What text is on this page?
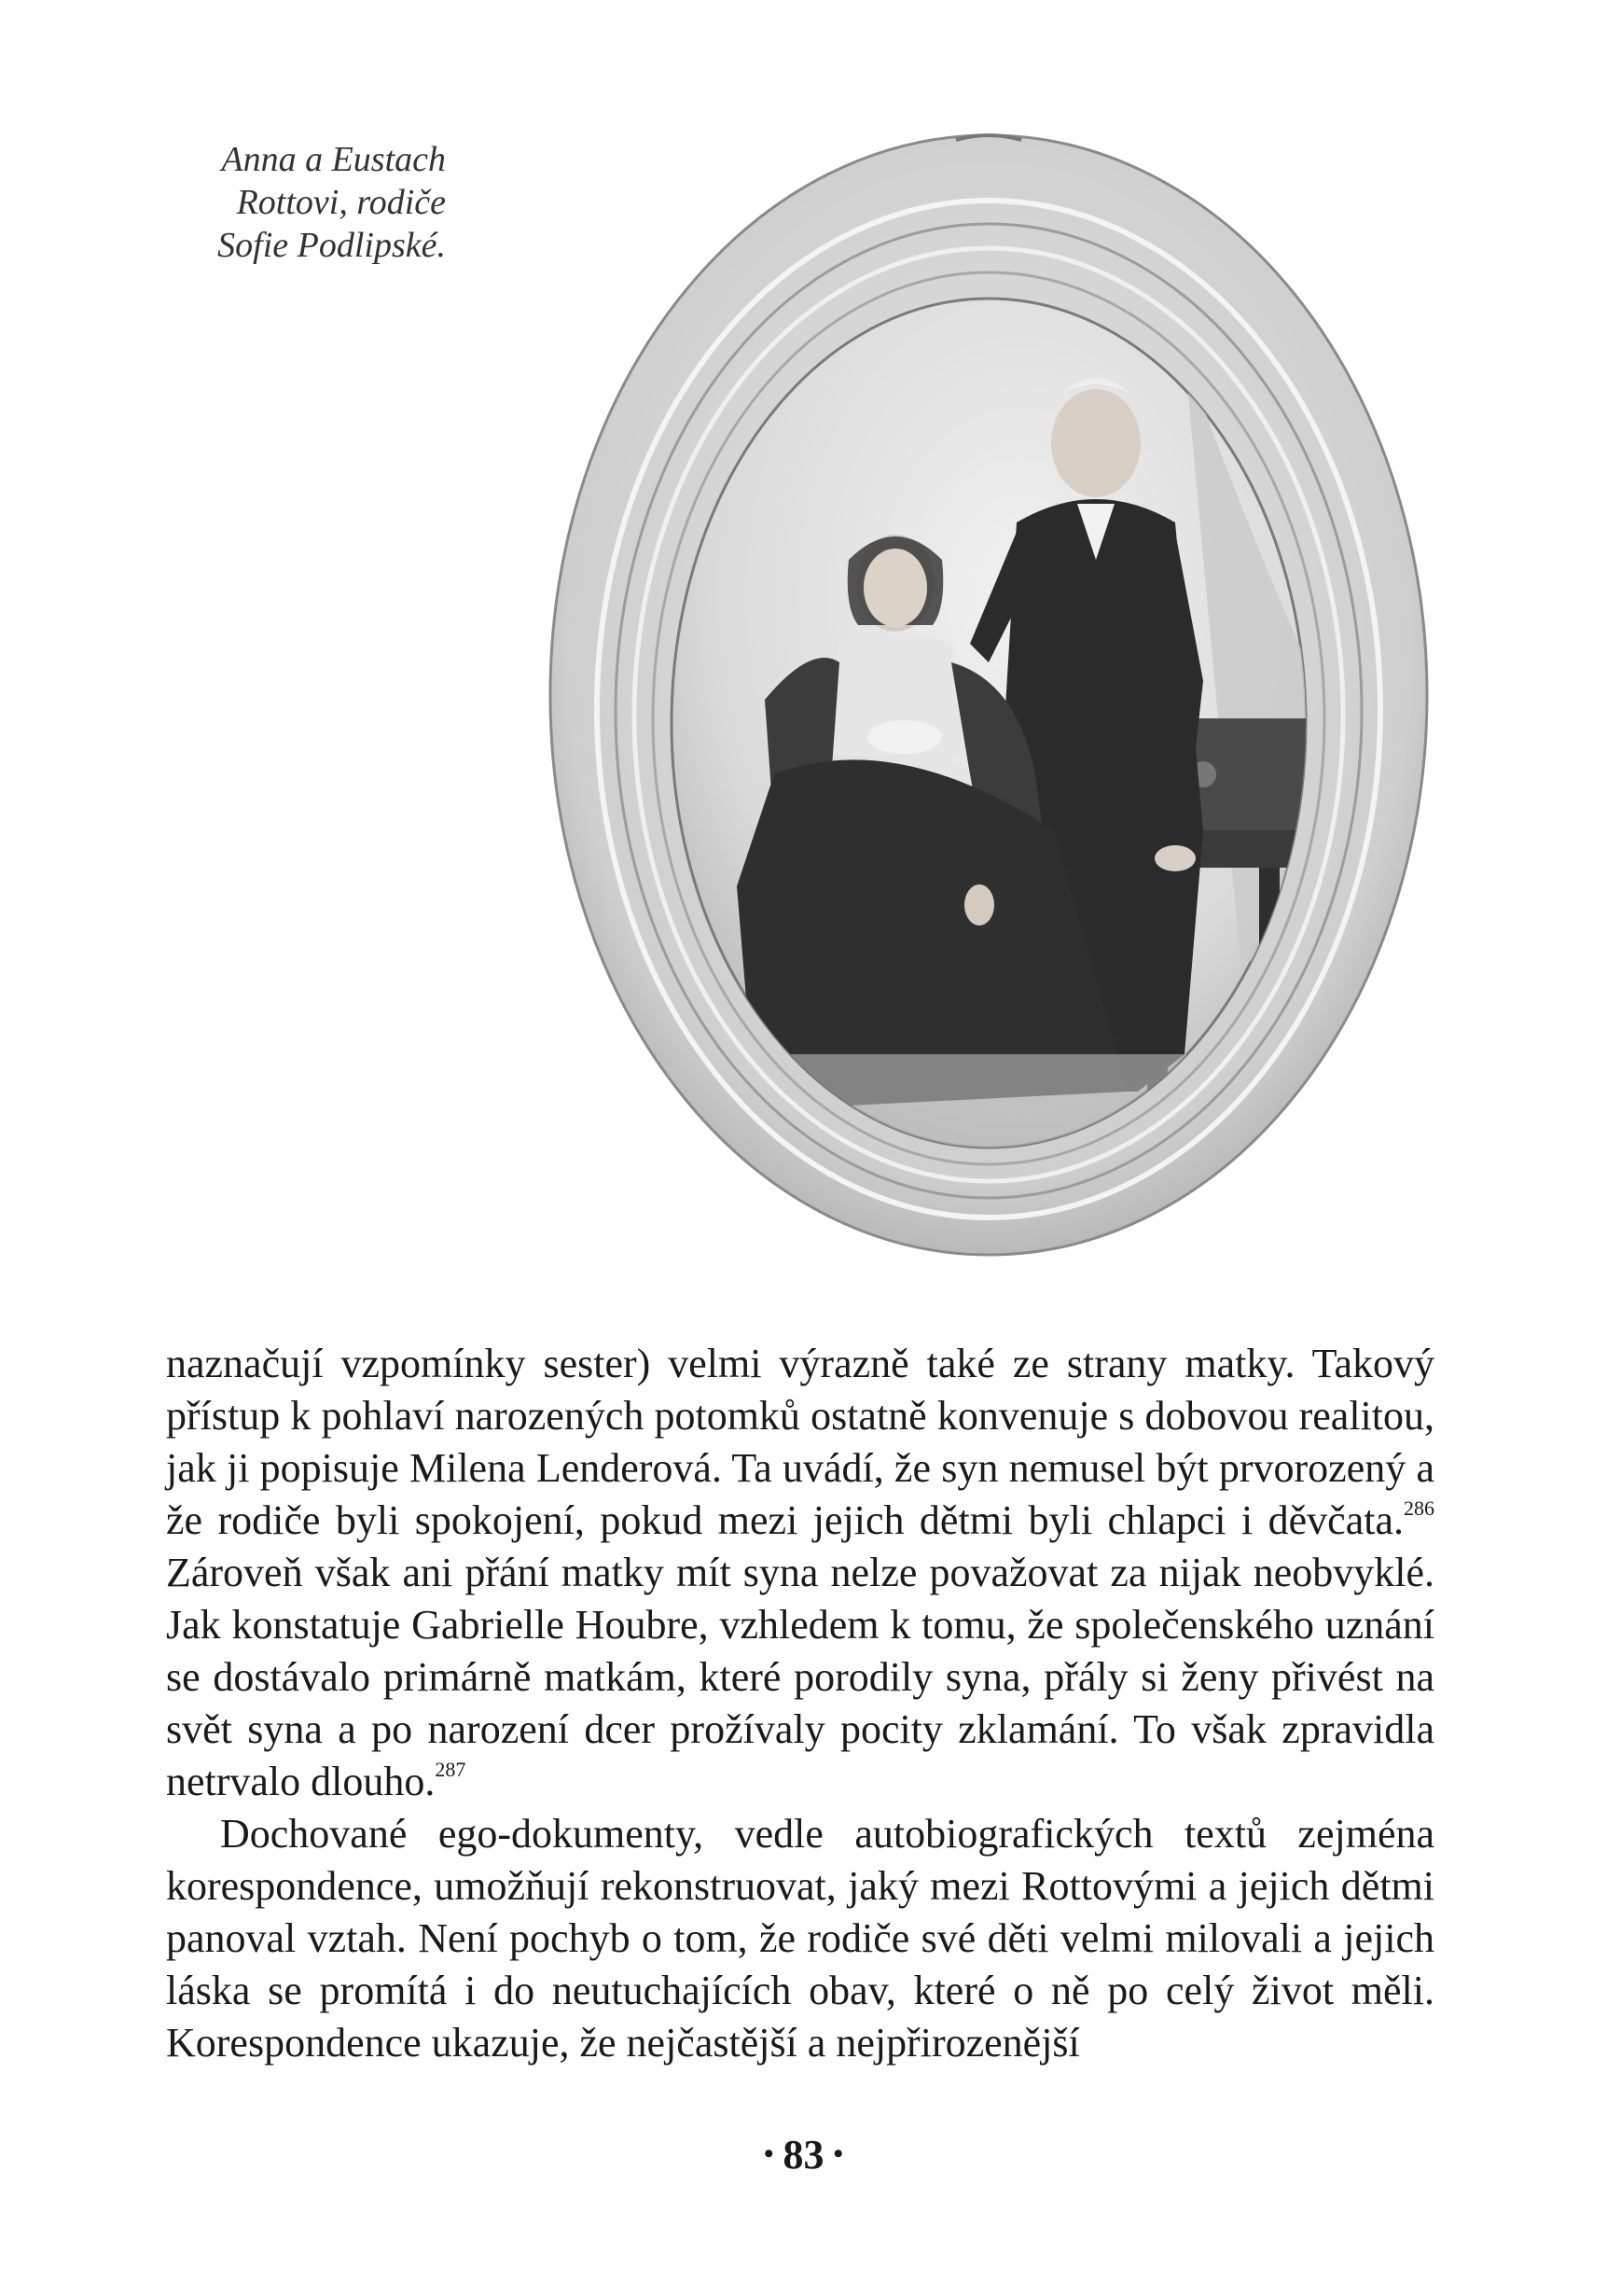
Anna a Eustach
Rottovi, rodiče
Sofie Podlipské.

naznačují vzpomínky sester) velmi výrazně také ze strany matky. Takový přístup k pohlaví narozených potomků ostatně konvenuje s dobovou realitou, jak ji popisuje Milena Lenderová. Ta uvádí, že syn nemusel být prvorozený a že rodiče byli spokojení, pokud mezi jejich dětmi byli chlapci i děvčata.$^{286}$ Zároveň však ani přání matky mít syna nelze považovat za nijak neobvyklé. Jak konstatuje Gabrielle Houbre, vzhledem k tomu, že společenského uznání se dostávalo primárně matkám, které porodily syna, přály si ženy přivést na svět syna a po narození dcer prožívaly pocity zklamání. To však zpravidla netrvalo dlouho.$^{287}$

Dochované ego-dokumenty, vedle autobiografických textů zejména korespondence, umožňují rekonstruovat, jaký mezi Rottovými a jejich dětmi panoval vztah. Není pochyb o tom, že rodiče své děti velmi milovali a jejich láska se promítá i do neutuchajících obav, které o ně po celý život měli. Korespondence ukazuje, že nejčastější a nejpřirozenější

• 83 •
